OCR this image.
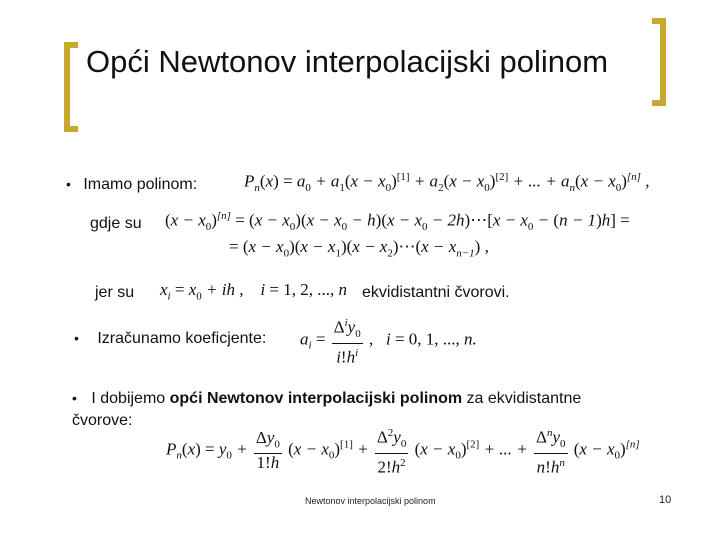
Opći Newtonov interpolacijski polinom
• Imamo polinom:	$P_n(x) = a_0 + a_1(x - x_0)[1] + a_2(x - x_0)[2]$ + ... + $a_n(x - x_0)[n]$ ,
gdje su $(x - x_0)[n] = (x - x_0)(x - x_0 - h)(x - x_0$ − 2h)⋯[x − $x_0 - (n - 1)h$] =
= $(x - x_0)(x - x_1)(x$ − $x_2)\cdots(x - x_{n-1})$ ,
jer su $x_i = x_0$ + ih ,    i = 1, 2, ..., n ekvidistantni čvorovi.
• Izračunamo koeficjente: $a_i = \frac{\Delta^iy_0}{i!h^i}$ ,   i = 0, 1, ..., n.
• I dobijemo opći Newtonov interpolacijski polinom za ekvidistantne
čvorove:
$P_n(x) = y_0 + \frac{\Delta y_0}{1!h} (x - x_0)[1] + \frac{\Delta^2y_0}{2!h^2} (x - x_0)[2]$ + ... + $\frac{\Delta^ny_0}{n!h^n} (x - x_0)[n]$
Newtonov interpolacijski polinom	10
